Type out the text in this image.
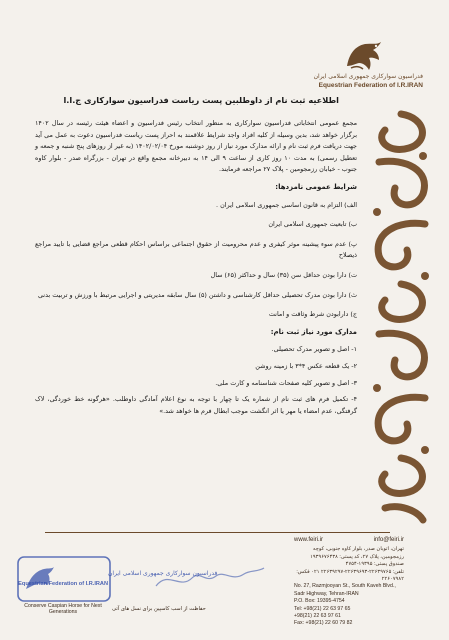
فدراسیون سوارکاری جمهوری اسلامی ایران
Equestrian Federation of I.R.IRAN
اطلاعیه ثبت نام از داوطلبین پست ریاست فدراسیون سوارکاری ج.ا.ا

مجمع عمومی انتخاباتی فدراسیون سوارکاری به منظور انتخاب رئیس فدراسیون و اعضاء هیئت رئیسه در سال ۱۴۰۲ برگزار خواهد شد، بدین وسیله از کلیه افراد واجد شرایط علاقمند به احراز پست ریاست فدراسیون دعوت به عمل می آید جهت دریافت فرم ثبت نام و ارائه مدارک مورد نیاز از روز دوشنبه مورخ ۱۴۰۲/۰۲/۰۴ (به غیر از روزهای پنج شنبه و جمعه و تعطیل رسمی) به مدت ۱۰ روز کاری از ساعت ۹ الی ۱۴ به دبیرخانه مجمع واقع در تهران - بزرگراه صدر - بلوار کاوه جنوب - خیابان رزمجومین - پلاک ۲۷ مراجعه فرمایند.

شرایط عمومی نامزدها:
الف) التزام به قانون اساسی جمهوری اسلامی ایران .
ب) تابعیت جمهوری اسلامی ایران
پ) عدم سوء پیشینه موثر کیفری و عدم محرومیت از حقوق اجتماعی براساس احکام قطعی مراجع قضایی با تایید مراجع ذیصلاح
ت) دارا بودن حداقل سن (۳۵) سال و حداکثر (۶۵) سال
ث) دارا بودن مدرک تحصیلی حداقل کارشناسی و داشتن (۵) سال سابقه مدیریتی و اجرایی مرتبط با ورزش و تربیت بدنی
ج) دارابودن شرط وثاقت و امانت
مدارک مورد نیاز ثبت نام:
۱- اصل و تصویر مدرک تحصیلی.
۲- یک قطعه عکس ۴*۳ با زمینه روشن
۳- اصل و تصویر کلیه صفحات شناسنامه و کارت ملی.
۴- تکمیل فرم های ثبت نام از شماره یک تا چهار با توجه به نوع اعلام آمادگی داوطلب. «هرگونه خط خوردگی، لاک گرفتگی، عدم امضاء یا مهر یا اثر انگشت موجب ابطال فرم ها خواهد شد.»
www.feiri.ir	info@feiri.ir
تهران، اتوبان صدر، بلوار کاوه جنوبی، کوچه رزمجومین، پلاک ۲۷، کد پستی: ۱۹۳۹۶۷۶۴۳۸
صندوق پستی: ۱۹۳۹۵-۴۷۵۴
تلفن: ۲۲۶۳۹۷۶۵-۲۲۶۳۹۶۹۳-۲۲۶۳۹۲۹۷ ۰۲۱ فکس: ۲۲۶۰۷۹۸۲
No. 27, Razmjooyan St., South Kaveh Blvd., Sadr Highway, Tehran-IRAN
P.O. Box: 19395-4754
Tel: +98(21) 22 63 97 65
+98(21) 22 63 97 61
Fax: +98(21) 22 60 79 82
فدراسیون سوارکاری جمهوری اسلامی ایران
Equestrian Federation of I.R.IRAN
Conserve Caspian Horse for Next Generations
حفاظت از اسب کاسپین برای نسل های آتی
